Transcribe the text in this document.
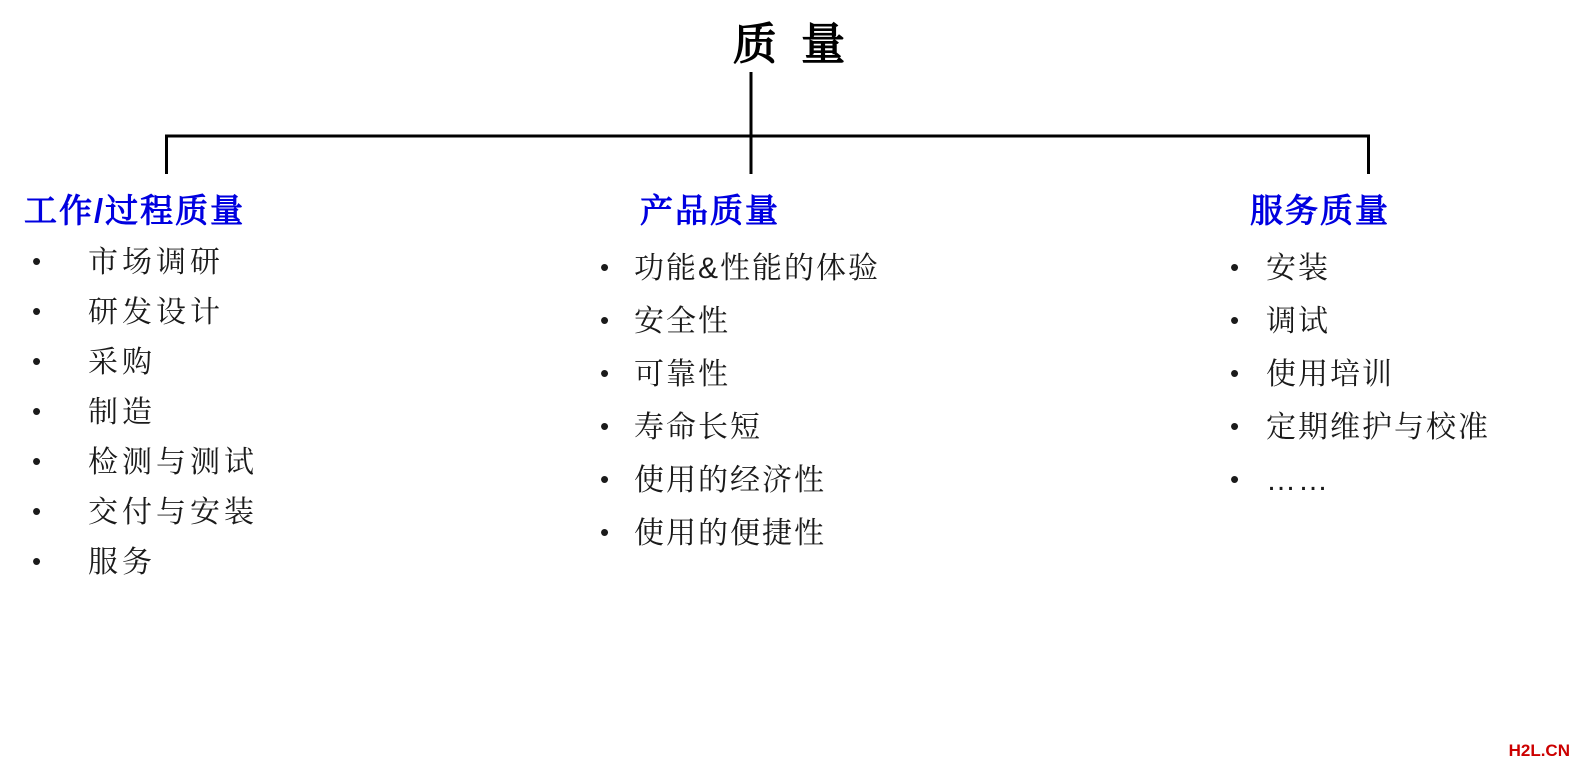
质 量
工作/过程质量
•	市场调研
•	研发设计
•	采购
•	制造
•	检测与测试
•	交付与安装
•	服务
产品质量
• 功能&性能的体验
• 安全性
• 可靠性
• 寿命长短
• 使用的经济性
• 使用的便捷性
服务质量
• 安装
• 调试
• 使用培训
• 定期维护与校准
• ……
H2L.CN
